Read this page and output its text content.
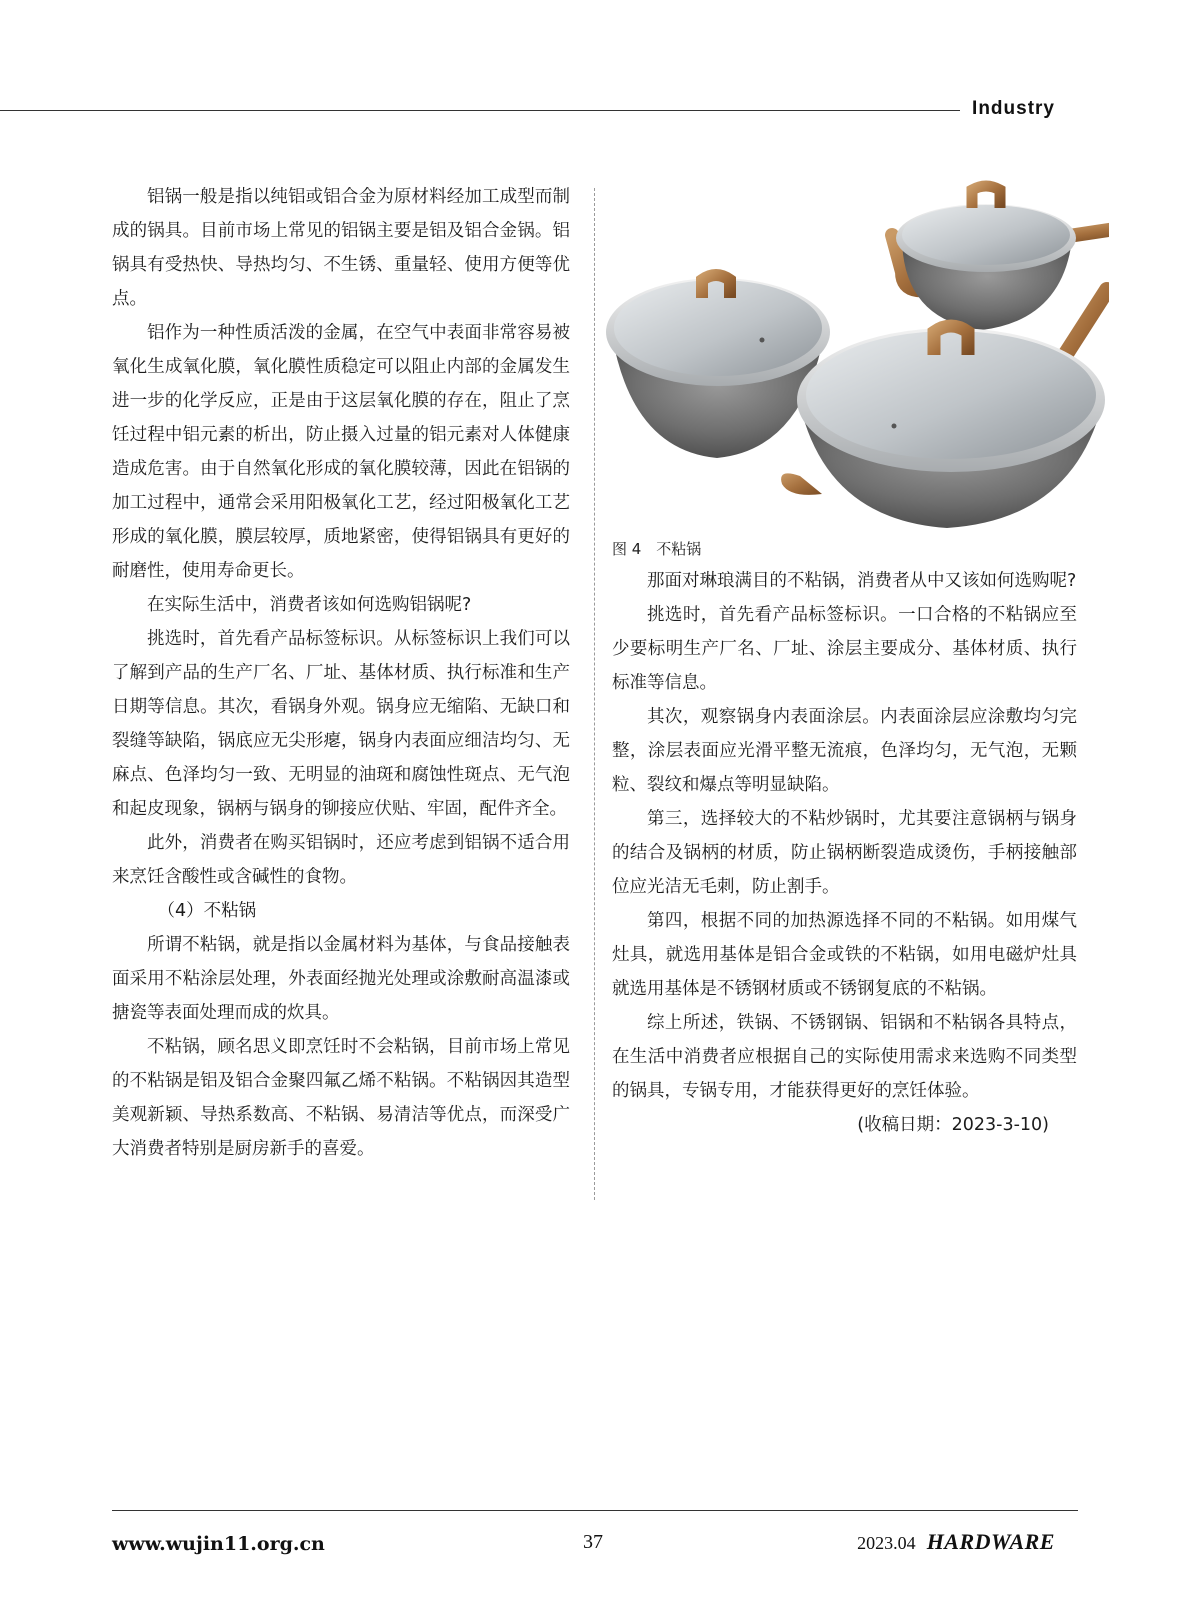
Industry

铝锅一般是指以纯铝或铝合金为原材料经加工成型而制成的锅具。目前市场上常见的铝锅主要是铝及铝合金锅。铝锅具有受热快、导热均匀、不生锈、重量轻、使用方便等优点。

铝作为一种性质活泼的金属，在空气中表面非常容易被氧化生成氧化膜，氧化膜性质稳定可以阻止内部的金属发生进一步的化学反应，正是由于这层氧化膜的存在，阻止了烹饪过程中铝元素的析出，防止摄入过量的铝元素对人体健康造成危害。由于自然氧化形成的氧化膜较薄，因此在铝锅的加工过程中，通常会采用阳极氧化工艺，经过阳极氧化工艺形成的氧化膜，膜层较厚，质地紧密，使得铝锅具有更好的耐磨性，使用寿命更长。

在实际生活中，消费者该如何选购铝锅呢?

挑选时，首先看产品标签标识。从标签标识上我们可以了解到产品的生产厂名、厂址、基体材质、执行标准和生产日期等信息。其次，看锅身外观。锅身应无缩陷、无缺口和裂缝等缺陷，锅底应无尖形瘪，锅身内表面应细洁均匀、无麻点、色泽均匀一致、无明显的油斑和腐蚀性斑点、无气泡和起皮现象，锅柄与锅身的铆接应伏贴、牢固，配件齐全。

此外，消费者在购买铝锅时，还应考虑到铝锅不适合用来烹饪含酸性或含碱性的食物。

（4）不粘锅

所谓不粘锅，就是指以金属材料为基体，与食品接触表面采用不粘涂层处理，外表面经抛光处理或涂敷耐高温漆或搪瓷等表面处理而成的炊具。

不粘锅，顾名思义即烹饪时不会粘锅，目前市场上常见的不粘锅是铝及铝合金聚四氟乙烯不粘锅。不粘锅因其造型美观新颖、导热系数高、不粘锅、易清洁等优点，而深受广大消费者特别是厨房新手的喜爱。

图 4　不粘锅

那面对琳琅满目的不粘锅，消费者从中又该如何选购呢?

挑选时，首先看产品标签标识。一口合格的不粘锅应至少要标明生产厂名、厂址、涂层主要成分、基体材质、执行标准等信息。

其次，观察锅身内表面涂层。内表面涂层应涂敷均匀完整，涂层表面应光滑平整无流痕，色泽均匀，无气泡，无颗粒、裂纹和爆点等明显缺陷。

第三，选择较大的不粘炒锅时，尤其要注意锅柄与锅身的结合及锅柄的材质，防止锅柄断裂造成烫伤，手柄接触部位应光洁无毛刺，防止割手。

第四，根据不同的加热源选择不同的不粘锅。如用煤气灶具，就选用基体是铝合金或铁的不粘锅，如用电磁炉灶具就选用基体是不锈钢材质或不锈钢复底的不粘锅。

综上所述，铁锅、不锈钢锅、铝锅和不粘锅各具特点，在生活中消费者应根据自己的实际使用需求来选购不同类型的锅具，专锅专用，才能获得更好的烹饪体验。

(收稿日期：2023-3-10)

www.wujin11.org.cn	37	2023.04 HARDWARE
